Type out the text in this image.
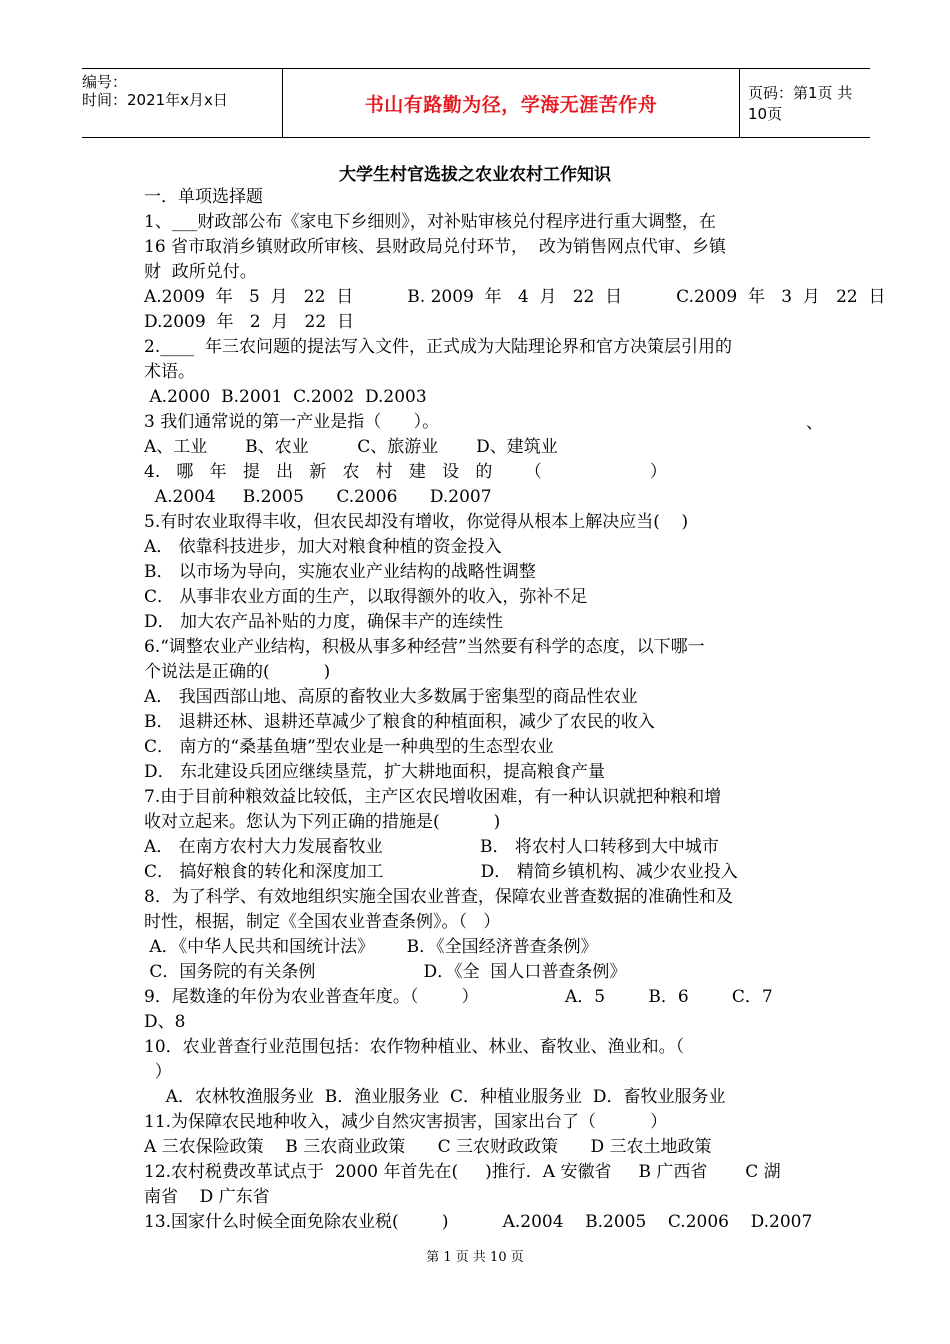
编号：
时间：2021年x月x日	书山有路勤为径，学海无涯苦作舟
页码：第1页 共10页
大学生村官选拔之农业农村工作知识
一．单项选择题
1、___财政部公布《家电下乡细则》，对补贴审核兑付程序进行重大调整，在
16 省市取消乡镇财政所审核、县财政局兑付环节，  改为销售网点代审、乡镇
财  政所兑付。
A.2009  年   5  月   22  日          B. 2009  年   4  月   22  日          C.2009  年   3  月   22  日
D.2009  年   2  月   22  日
2.____  年三农问题的提法写入文件，正式成为大陆理论界和官方决策层引用的
术语。
A.2000  B.2001  C.2002  D.2003
3 我们通常说的第一产业是指（      ）。
A、工业       B、农业         C、旅游业       D、建筑业
4.   哪   年   提   出   新   农   村   建   设   的      （                    ）
A.2004     B.2005      C.2006      D.2007
5.有时农业取得丰收，但农民却没有增收，你觉得从根本上解决应当(    )
A． 依靠科技进步，加大对粮食种植的资金投入
B． 以市场为导向，实施农业产业结构的战略性调整
C． 从事非农业方面的生产，以取得额外的收入，弥补不足
D． 加大农产品补贴的力度，确保丰产的连续性
6.“调整农业产业结构，积极从事多种经营”当然要有科学的态度，以下哪一
个说法是正确的(          )
A． 我国西部山地、高原的畜牧业大多数属于密集型的商品性农业
B． 退耕还林、退耕还草减少了粮食的种植面积，减少了农民的收入
C． 南方的“桑基鱼塘”型农业是一种典型的生态型农业
D． 东北建设兵团应继续垦荒，扩大耕地面积，提高粮食产量
7.由于目前种粮效益比较低，主产区农民增收困难，有一种认识就把种粮和增
收对立起来。您认为下列正确的措施是(          )
A． 在南方农村大力发展畜牧业                  B． 将农村人口转移到大中城市
C． 搞好粮食的转化和深度加工                  D． 精简乡镇机构、减少农业投入
8．为了科学、有效地组织实施全国农业普查，保障农业普查数据的准确性和及
时性，根据，制定《全国农业普查条例》。（   ）
A．《中华人民共和国统计法》      B．《全国经济普查条例》
C．国务院的有关条例                    D．《全  国人口普查条例》
9．尾数逢的年份为农业普查年度。（        ）                A．5        B．6        C．7
D、8
10．农业普查行业范围包括：农作物种植业、林业、畜牧业、渔业和。（
）
A．农林牧渔服务业  B．渔业服务业  C．种植业服务业  D．畜牧业服务业
11.为保障农民地种收入，减少自然灾害损害，国家出台了（          ）
A 三农保险政策    B 三农商业政策      C 三农财政政策      D 三农土地政策
12.农村税费改革试点于  2000 年首先在(     )推行．A 安徽省     B 广西省       C 湖
南省    D 广东省
13.国家什么时候全面免除农业税(        )          A.2004    B.2005    C.2006    D.2007
、
第 1 页 共 10 页
